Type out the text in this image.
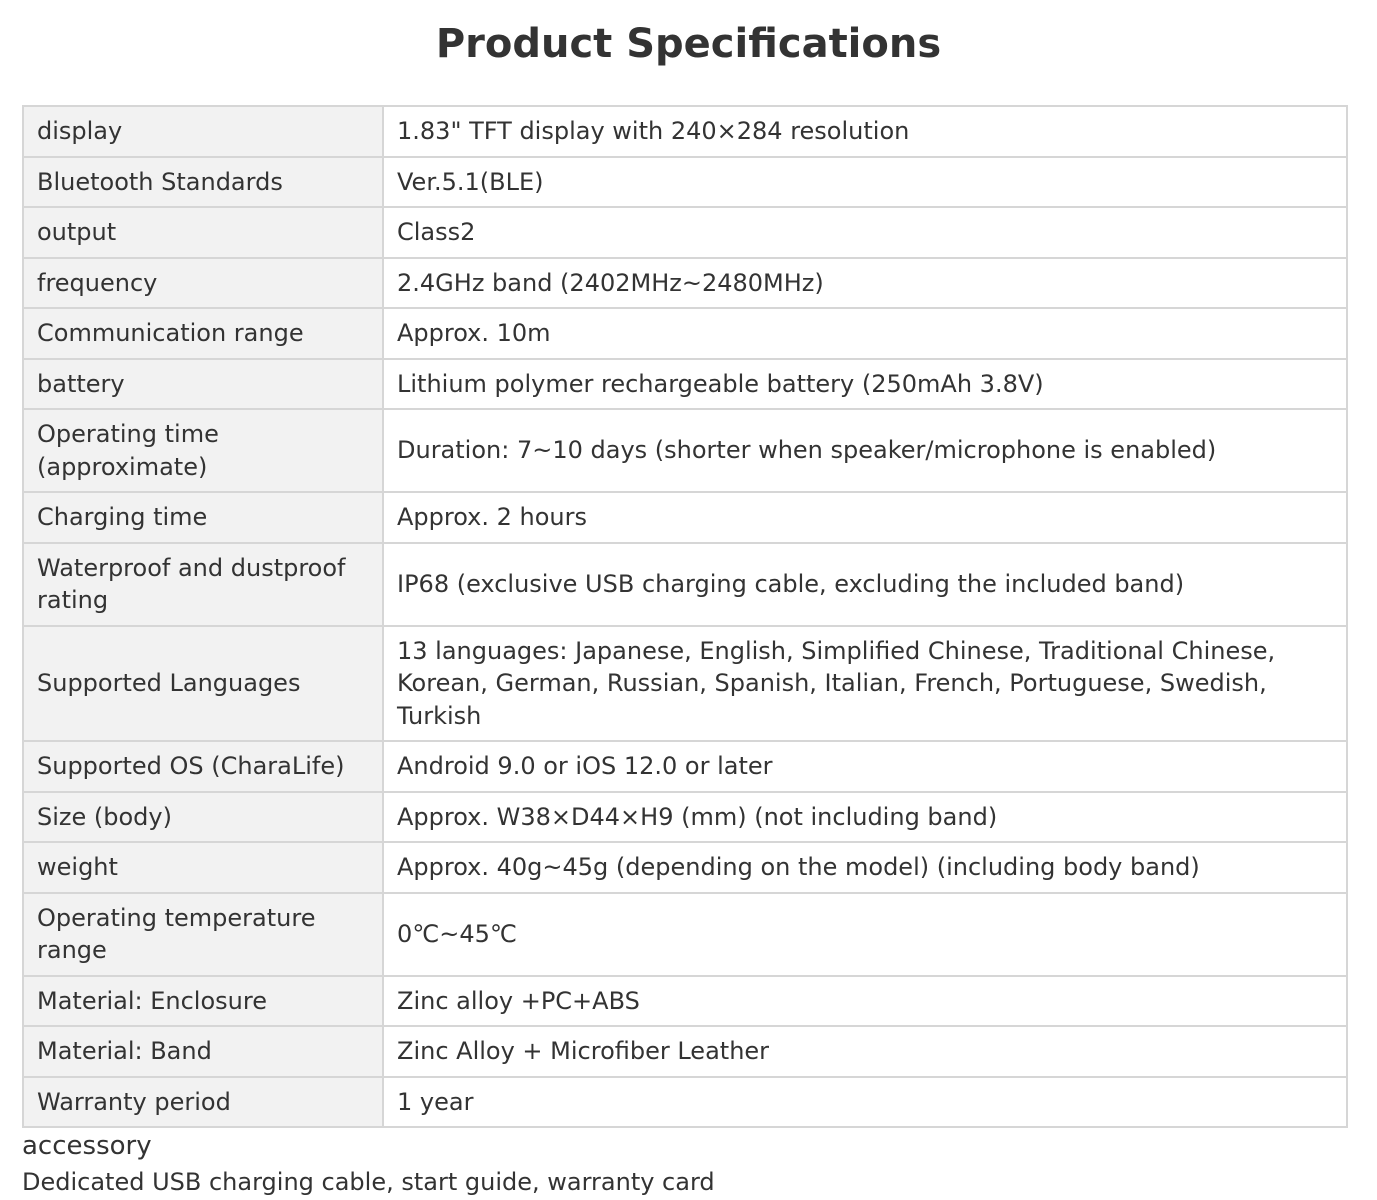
Product Specifications
display	1.83" TFT display with 240×284 resolution
Bluetooth Standards	Ver.5.1(BLE)
output	Class2
frequency	2.4GHz band (2402MHz~2480MHz)
Communication range	Approx. 10m
battery	Lithium polymer rechargeable battery (250mAh 3.8V)
Operating time (approximate)	Duration: 7~10 days (shorter when speaker/microphone is enabled)
Charging time	Approx. 2 hours
Waterproof and dustproof rating	IP68 (exclusive USB charging cable, excluding the included band)
Supported Languages	13 languages: Japanese, English, Simplified Chinese, Traditional Chinese, Korean, German, Russian, Spanish, Italian, French, Portuguese, Swedish, Turkish
Supported OS (CharaLife)	Android 9.0 or iOS 12.0 or later
Size (body)	Approx. W38×D44×H9 (mm) (not including band)
weight	Approx. 40g~45g (depending on the model) (including body band)
Operating temperature range	0℃~45℃
Material: Enclosure	Zinc alloy +PC+ABS
Material: Band	Zinc Alloy + Microfiber Leather
Warranty period	1 year
accessory
Dedicated USB charging cable, start guide, warranty card
